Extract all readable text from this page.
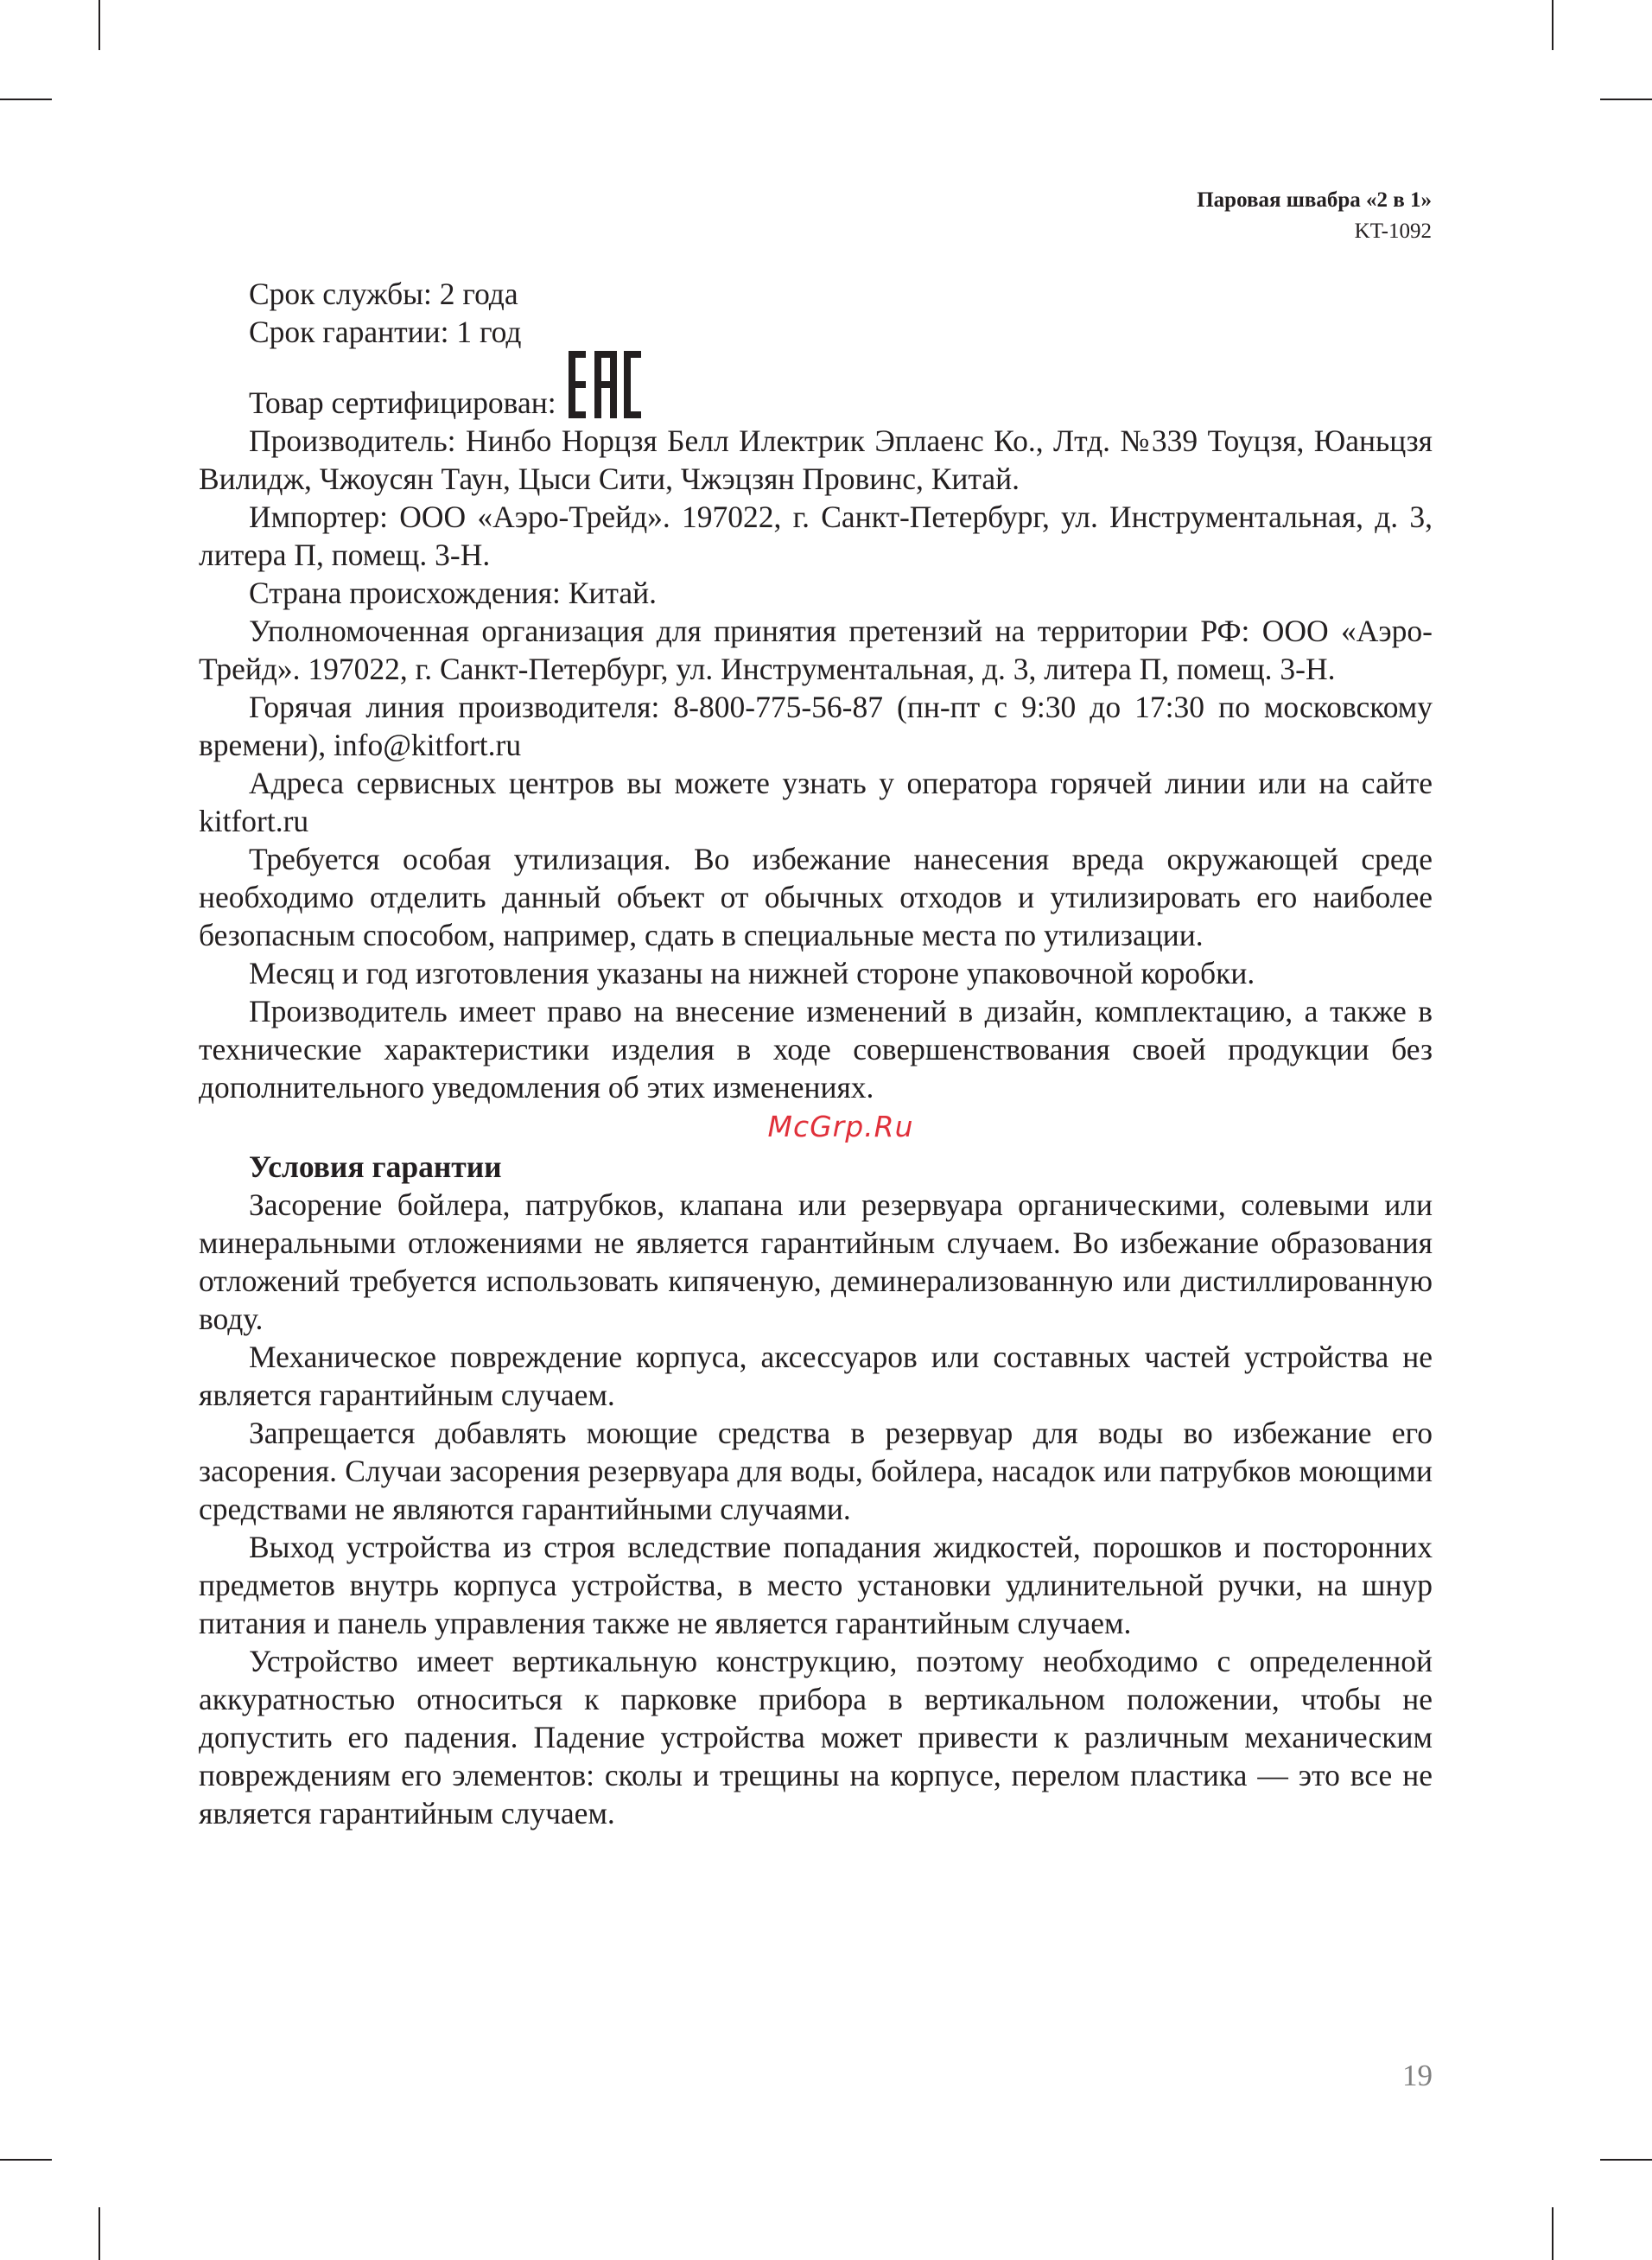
Паровая швабра «2 в 1»
KT-1092

Срок службы: 2 года

Срок гарантии: 1 год

Товар сертифицирован:

Производитель: Нинбо Норцзя Белл Илектрик Эплаенс Ко., Лтд. №339 Тоуцзя, Юаньцзя Вилидж, Чжоусян Таун, Цыси Сити, Чжэцзян Провинс, Китай.

Импортер: ООО «Аэро-Трейд». 197022, г. Санкт-Петербург, ул. Инструментальная, д. 3, литера П, помещ. 3-Н.

Страна происхождения: Китай.

Уполномоченная организация для принятия претензий на территории РФ: ООО «Аэро-Трейд». 197022, г. Санкт-Петербург, ул. Инструментальная, д. 3, литера П, помещ. 3-Н.

Горячая линия производителя: 8-800-775-56-87 (пн-пт с 9:30 до 17:30 по московскому времени), info@kitfort.ru

Адреса сервисных центров вы можете узнать у оператора горячей линии или на сайте kitfort.ru

Требуется особая утилизация. Во избежание нанесения вреда окружающей среде необходимо отделить данный объект от обычных отходов и утилизировать его наиболее безопасным способом, например, сдать в специальные места по утилизации.

Месяц и год изготовления указаны на нижней стороне упаковочной коробки.

Производитель имеет право на внесение изменений в дизайн, комплектацию, а также в технические характеристики изделия в ходе совершенствования своей продукции без дополнительного уведомления об этих изменениях.

McGrp.Ru

Условия гарантии

Засорение бойлера, патрубков, клапана или резервуара органическими, солевыми или минеральными отложениями не является гарантийным случаем. Во избежание образования отложений требуется использовать кипяченую, деминерализованную или дистиллированную воду.

Механическое повреждение корпуса, аксессуаров или составных частей устройства не является гарантийным случаем.

Запрещается добавлять моющие средства в резервуар для воды во избежание его засорения. Случаи засорения резервуара для воды, бойлера, насадок или патрубков моющими средствами не являются гарантийными случаями.

Выход устройства из строя вследствие попадания жидкостей, порошков и посторонних предметов внутрь корпуса устройства, в место установки удлинительной ручки, на шнур питания и панель управления также не является гарантийным случаем.

Устройство имеет вертикальную конструкцию, поэтому необходимо с определенной аккуратностью относиться к парковке прибора в вертикальном положении, чтобы не допустить его падения. Падение устройства может привести к различным механическим повреждениям его элементов: сколы и трещины на корпусе, перелом пластика — это все не является гарантийным случаем.

19
